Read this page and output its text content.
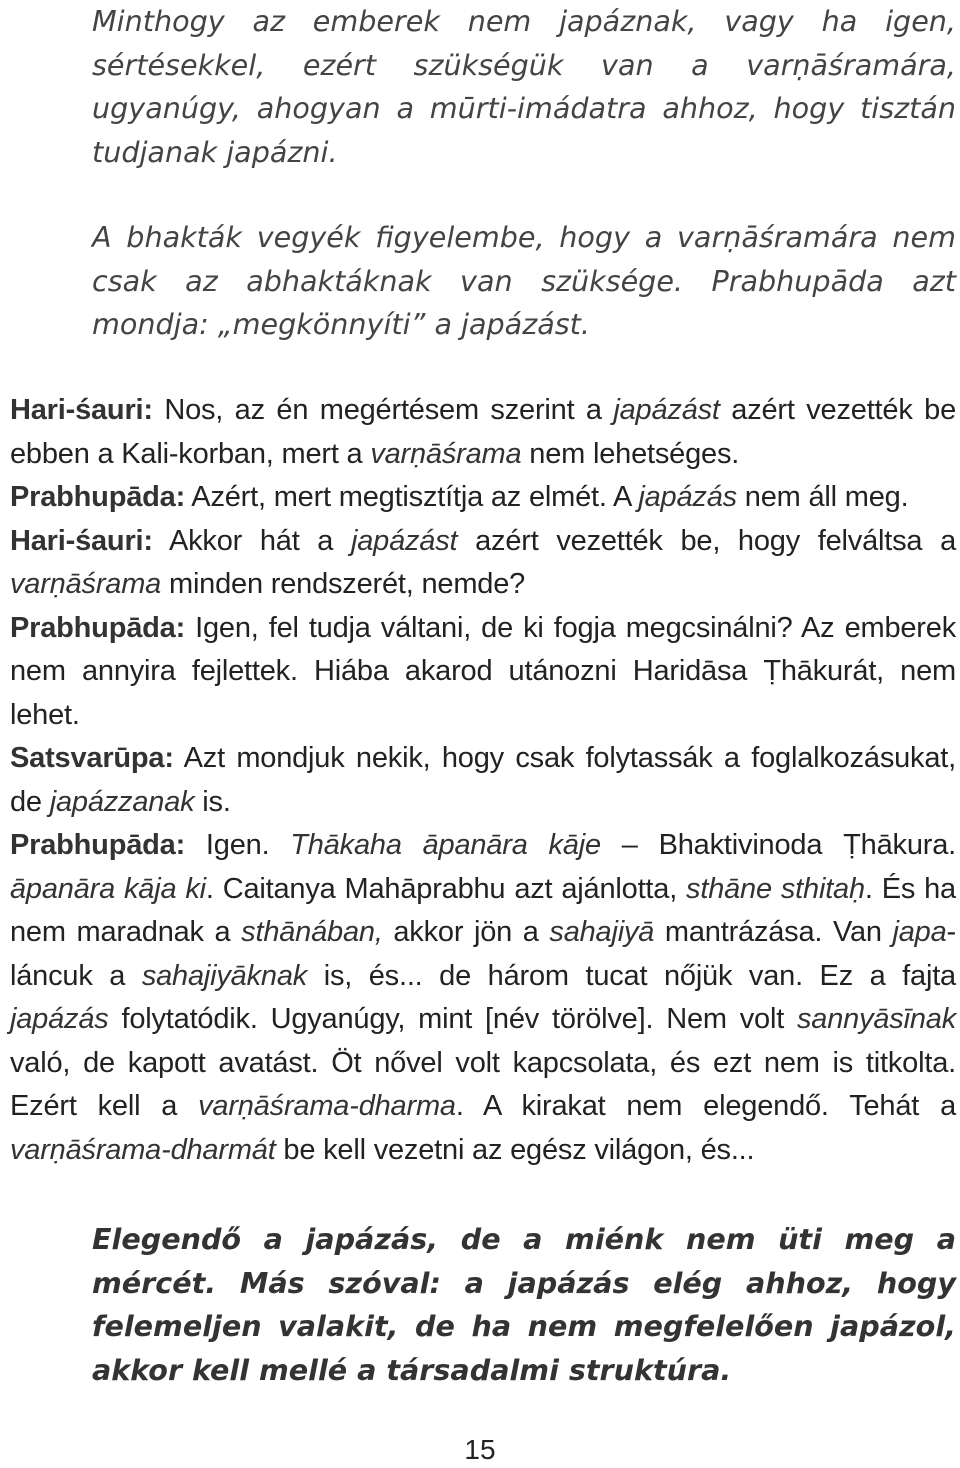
Minthogy az emberek nem japáznak, vagy ha igen, sértésekkel, ezért szükségük van a varṇāśramára, ugyanúgy, ahogyan a mūrti-imádatra ahhoz, hogy tisztán tudjanak japázni.

A bhakták vegyék figyelembe, hogy a varṇāśramára nem csak az abhaktáknak van szüksége. Prabhupāda azt mondja: „megkönnyíti” a japázást.

Hari-śauri: Nos, az én megértésem szerint a japázást azért vezették be ebben a Kali-korban, mert a varṇāśrama nem lehetséges.

Prabhupāda: Azért, mert megtisztítja az elmét. A japázás nem áll meg.

Hari-śauri: Akkor hát a japázást azért vezették be, hogy felváltsa a varṇāśrama minden rendszerét, nemde?

Prabhupāda: Igen, fel tudja váltani, de ki fogja megcsinálni? Az emberek nem annyira fejlettek. Hiába akarod utánozni Haridāsa Ṭhākurát, nem lehet.

Satsvarūpa: Azt mondjuk nekik, hogy csak folytassák a foglalkozásukat, de japázzanak is.

Prabhupāda: Igen. Thākaha āpanāra kāje – Bhaktivinoda Ṭhākura. āpanāra kāja ki. Caitanya Mahāprabhu azt ajánlotta, sthāne sthitaḥ. És ha nem maradnak a sthānában, akkor jön a sahajiyā mantrázása. Van japa-láncuk a sahajiyāknak is, és... de három tucat nőjük van. Ez a fajta japázás folytatódik. Ugyanúgy, mint [név törölve]. Nem volt sannyāsīnak való, de kapott avatást. Öt nővel volt kapcsolata, és ezt nem is titkolta. Ezért kell a varṇāśrama-dharma. A kirakat nem elegendő. Tehát a varṇāśrama-dharmát be kell vezetni az egész világon, és...

Elegendő a japázás, de a miénk nem üti meg a mércét. Más szóval: a japázás elég ahhoz, hogy felemeljen valakit, de ha nem megfelelően japázol, akkor kell mellé a társadalmi struktúra.

15
